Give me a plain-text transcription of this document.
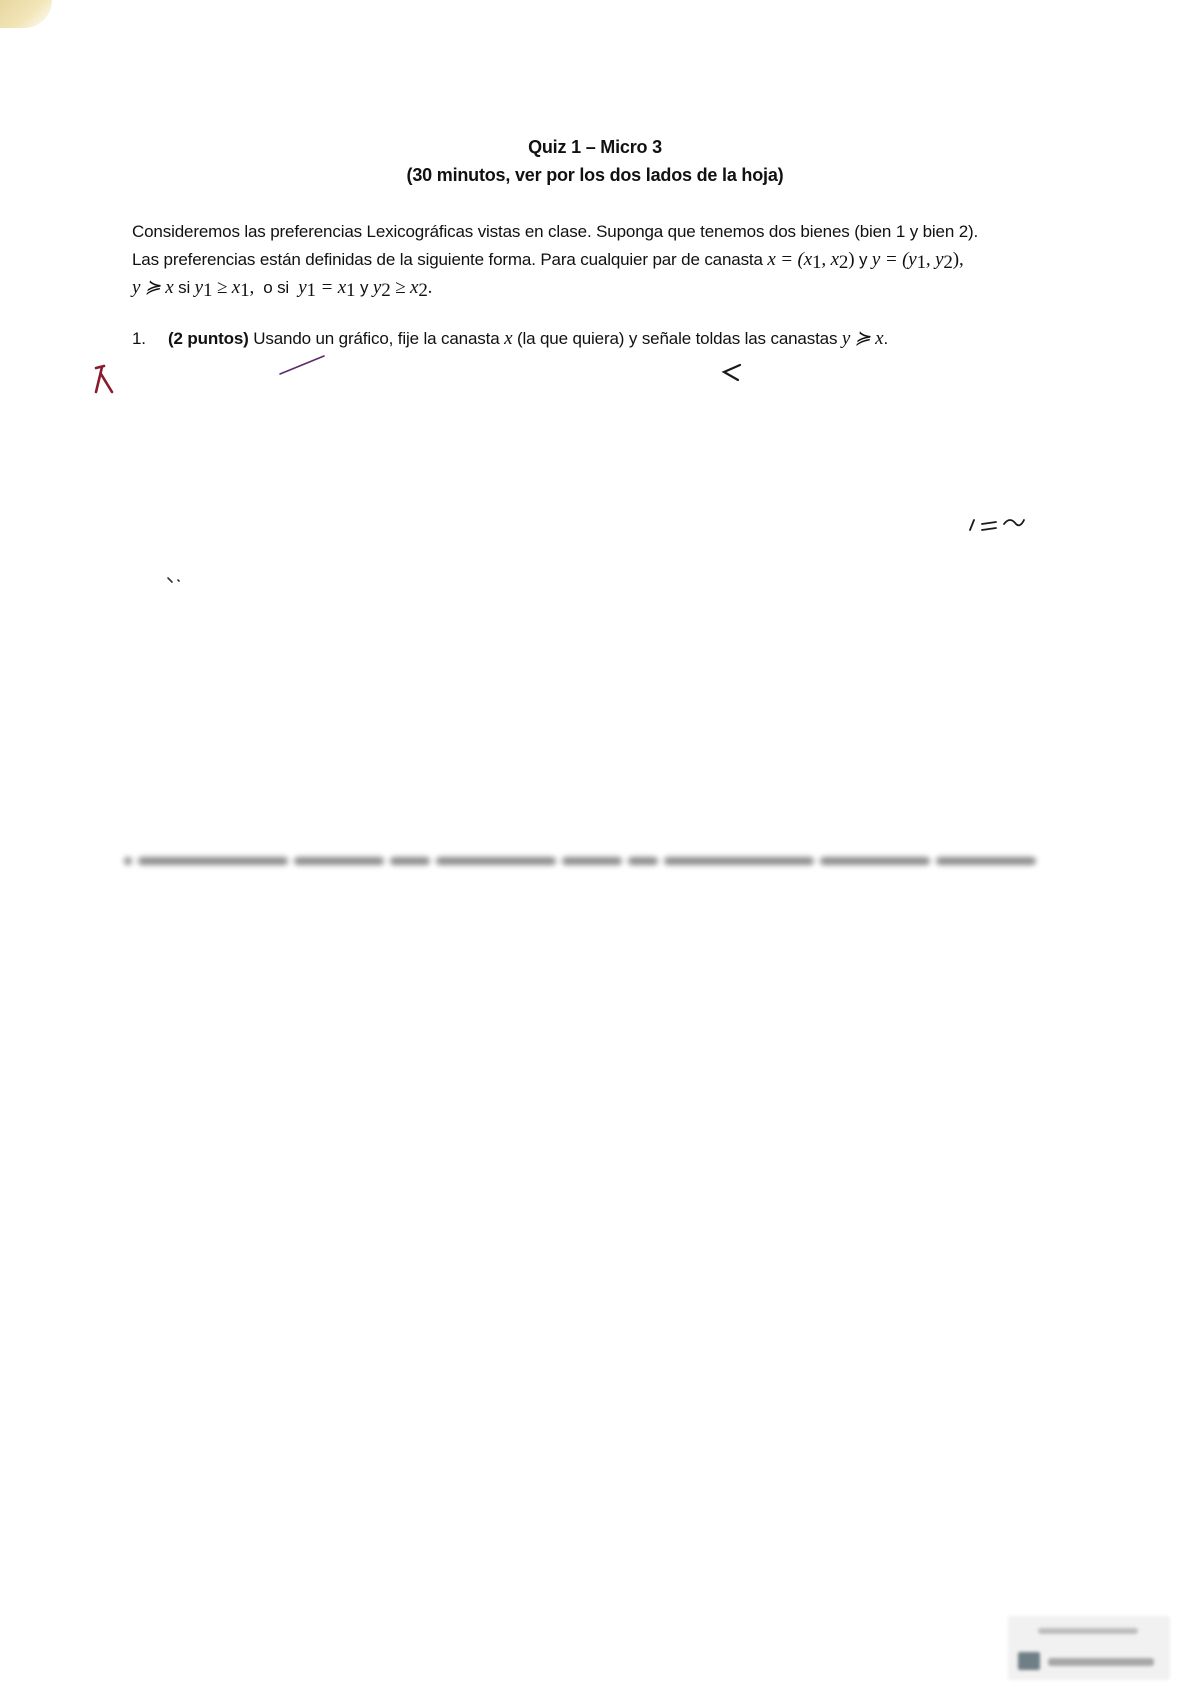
Quiz 1 – Micro 3
(30 minutos, ver por los dos lados de la hoja)
Consideremos las preferencias Lexicográficas vistas en clase. Suponga que tenemos dos bienes (bien 1 y bien 2).
Las preferencias están definidas de la siguiente forma. Para cualquier par de canasta $x = (x_1$, $x_2$) y $y = (y_1$, $y_2$),
y ≽ x si $y_1 \ge x_1$,  o si  $y_1 = x_1$ y $y_2 \ge x_2$.
1. (2 puntos) Usando un gráfico, fije la canasta x (la que quiera) y señale toldas las canastas y ≽ x.
